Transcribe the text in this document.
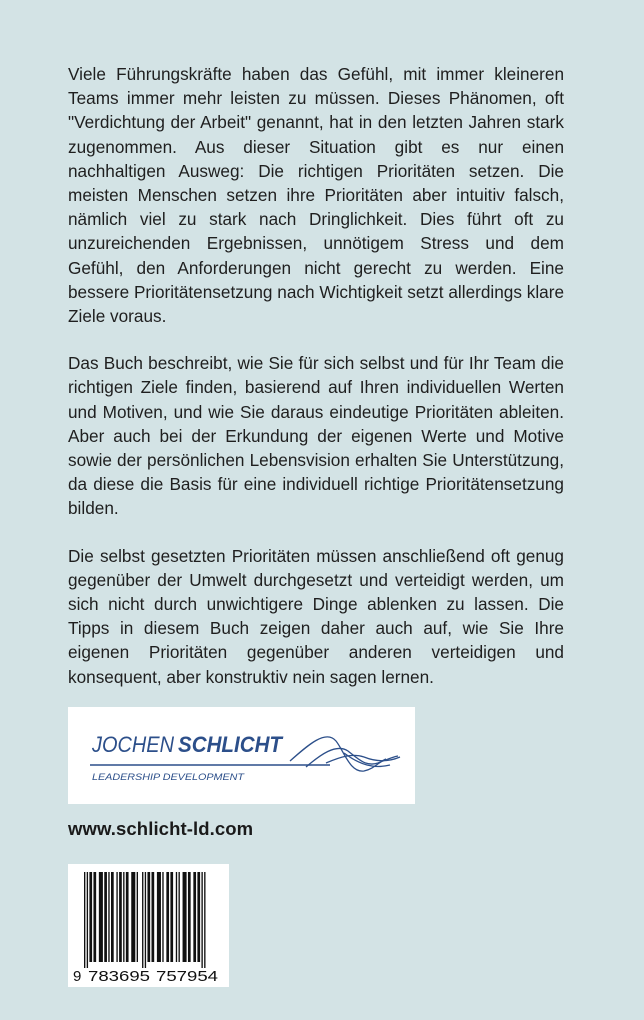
Viele Führungskräfte haben das Gefühl, mit immer kleineren Teams immer mehr leisten zu müssen. Dieses Phänomen, oft "Verdichtung der Arbeit" genannt, hat in den letzten Jahren stark zugenommen. Aus dieser Situation gibt es nur einen nachhaltigen Ausweg: Die richtigen Prioritäten setzen. Die meisten Menschen setzen ihre Prioritäten aber intuitiv falsch, nämlich viel zu stark nach Dringlichkeit. Dies führt oft zu unzureichenden Ergebnissen, unnötigem Stress und dem Gefühl, den Anforderungen nicht gerecht zu werden. Eine bessere Prioritätensetzung nach Wichtigkeit setzt allerdings klare Ziele voraus.

Das Buch beschreibt, wie Sie für sich selbst und für Ihr Team die richtigen Ziele finden, basierend auf Ihren individuellen Werten und Motiven, und wie Sie daraus eindeutige Prioritäten ableiten. Aber auch bei der Erkundung der eigenen Werte und Motive sowie der persönlichen Lebensvision erhalten Sie Unterstützung, da diese die Basis für eine individuell richtige Prioritätensetzung bilden.

Die selbst gesetzten Prioritäten müssen anschließend oft genug gegenüber der Umwelt durchgesetzt und verteidigt werden, um sich nicht durch unwichtigere Dinge ablenken zu lassen. Die Tipps in diesem Buch zeigen daher auch auf, wie Sie Ihre eigenen Prioritäten gegenüber anderen verteidigen und konsequent, aber konstruktiv nein sagen lernen.

JOCHEN SCHLICHT
LEADERSHIP DEVELOPMENT
www.schlicht-ld.com
9 783695 757954
